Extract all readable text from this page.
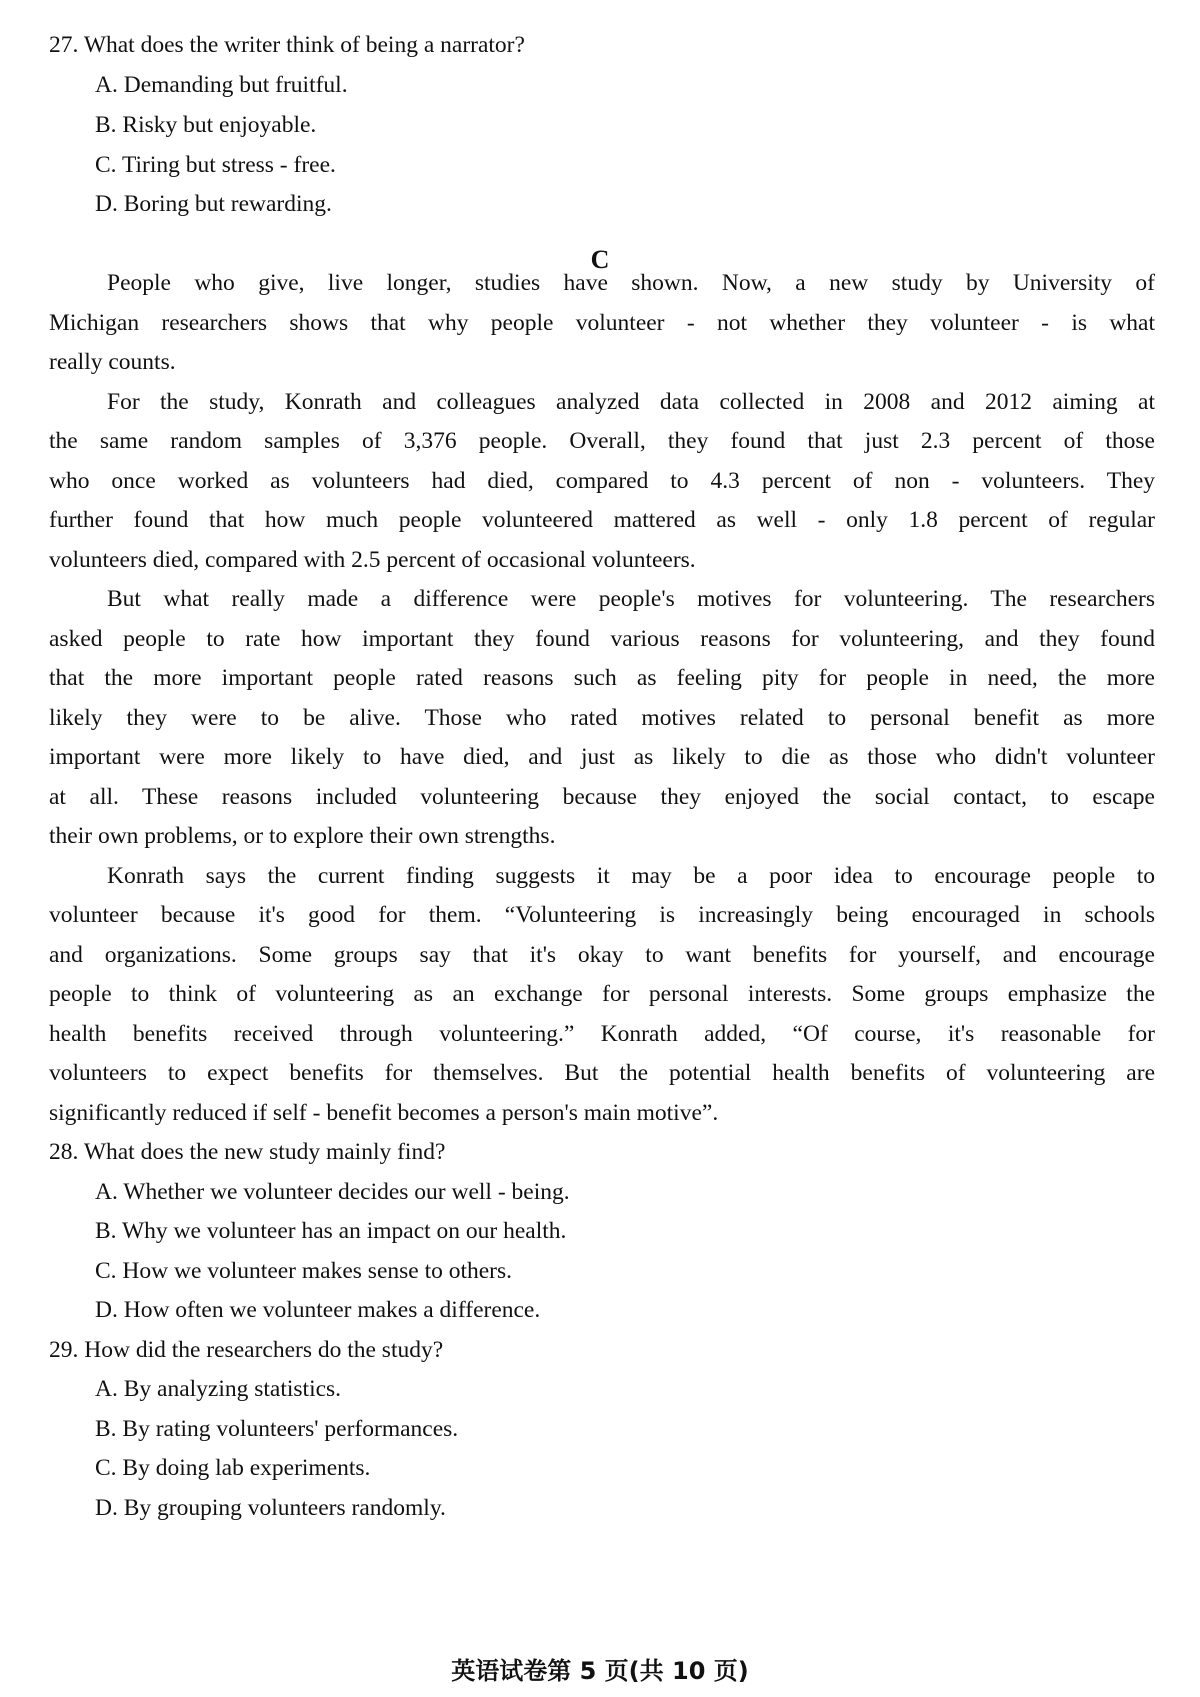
27. What does the writer think of being a narrator?
A. Demanding but fruitful.
B. Risky but enjoyable.
C. Tiring but stress - free.
D. Boring but rewarding.
C
People who give, live longer, studies have shown. Now, a new study by University of
Michigan researchers shows that why people volunteer - not whether they volunteer - is what
really counts.
For the study, Konrath and colleagues analyzed data collected in 2008 and 2012 aiming at
the same random samples of 3,376 people. Overall, they found that just 2.3 percent of those
who once worked as volunteers had died, compared to 4.3 percent of non - volunteers. They
further found that how much people volunteered mattered as well - only 1.8 percent of regular
volunteers died, compared with 2.5 percent of occasional volunteers.
But what really made a difference were people's motives for volunteering. The researchers
asked people to rate how important they found various reasons for volunteering, and they found
that the more important people rated reasons such as feeling pity for people in need, the more
likely they were to be alive. Those who rated motives related to personal benefit as more
important were more likely to have died, and just as likely to die as those who didn't volunteer
at all. These reasons included volunteering because they enjoyed the social contact, to escape
their own problems, or to explore their own strengths.
Konrath says the current finding suggests it may be a poor idea to encourage people to
volunteer because it's good for them. “Volunteering is increasingly being encouraged in schools
and organizations. Some groups say that it's okay to want benefits for yourself, and encourage
people to think of volunteering as an exchange for personal interests. Some groups emphasize the
health benefits received through volunteering.” Konrath added, “Of course, it's reasonable for
volunteers to expect benefits for themselves. But the potential health benefits of volunteering are
significantly reduced if self - benefit becomes a person's main motive”.
28. What does the new study mainly find?
A. Whether we volunteer decides our well - being.
B. Why we volunteer has an impact on our health.
C. How we volunteer makes sense to others.
D. How often we volunteer makes a difference.
29. How did the researchers do the study?
A. By analyzing statistics.
B. By rating volunteers' performances.
C. By doing lab experiments.
D. By grouping volunteers randomly.
英语试卷第 5 页(共 10 页)
